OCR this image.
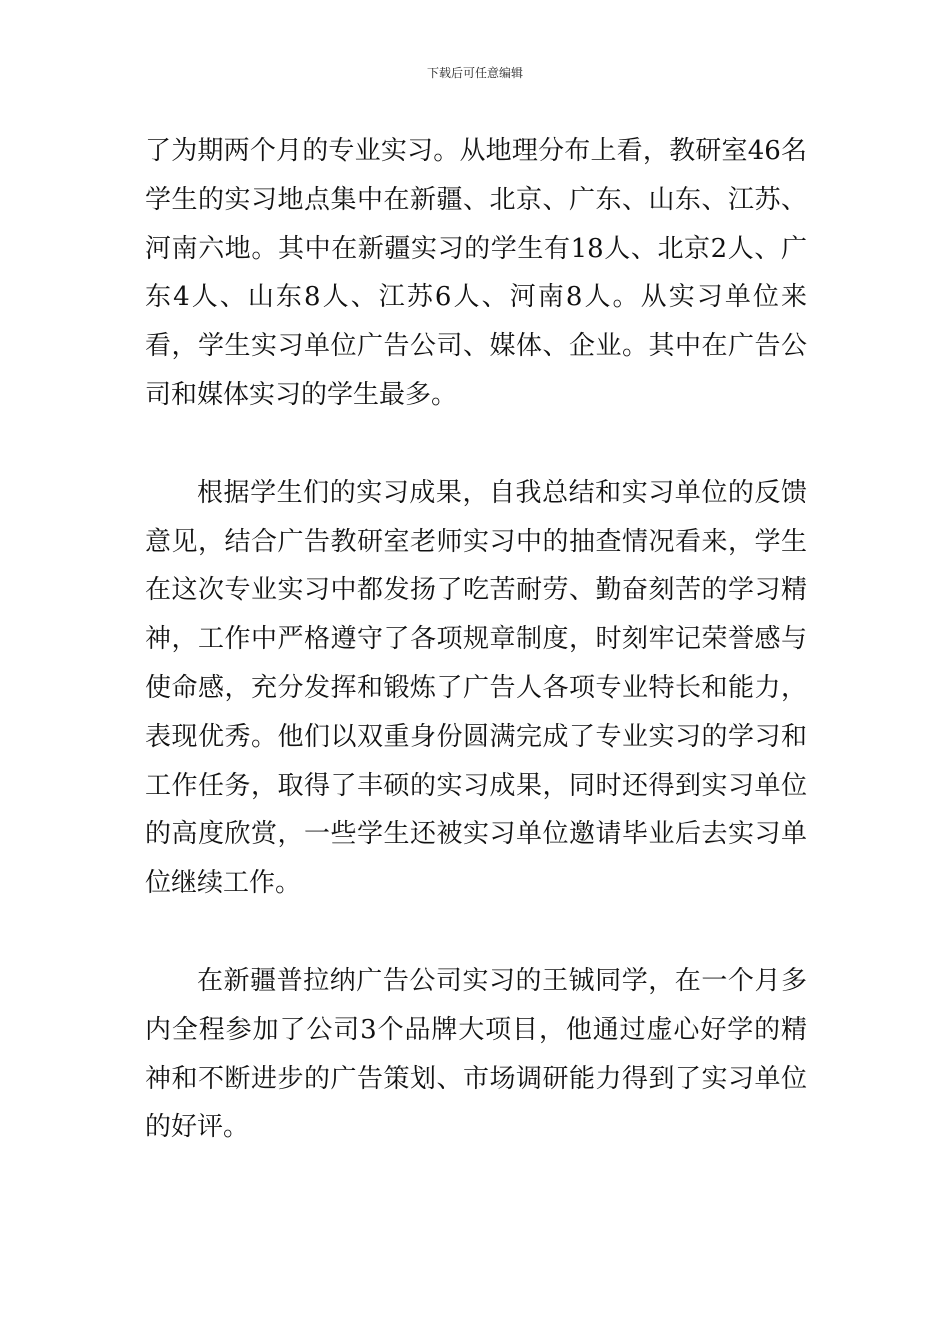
下载后可任意编辑

了为期两个月的专业实习。从地理分布上看，教研室46名学生的实习地点集中在新疆、北京、广东、山东、江苏、河南六地。其中在新疆实习的学生有18人、北京2人、广东4人、山东8人、江苏6人、河南8人。从实习单位来看，学生实习单位广告公司、媒体、企业。其中在广告公司和媒体实习的学生最多。

根据学生们的实习成果，自我总结和实习单位的反馈意见，结合广告教研室老师实习中的抽查情况看来，学生在这次专业实习中都发扬了吃苦耐劳、勤奋刻苦的学习精神，工作中严格遵守了各项规章制度，时刻牢记荣誉感与使命感，充分发挥和锻炼了广告人各项专业特长和能力，表现优秀。他们以双重身份圆满完成了专业实习的学习和工作任务，取得了丰硕的实习成果，同时还得到实习单位的高度欣赏，一些学生还被实习单位邀请毕业后去实习单位继续工作。

在新疆普拉纳广告公司实习的王铖同学，在一个月多内全程参加了公司3个品牌大项目，他通过虚心好学的精神和不断进步的广告策划、市场调研能力得到了实习单位的好评。
